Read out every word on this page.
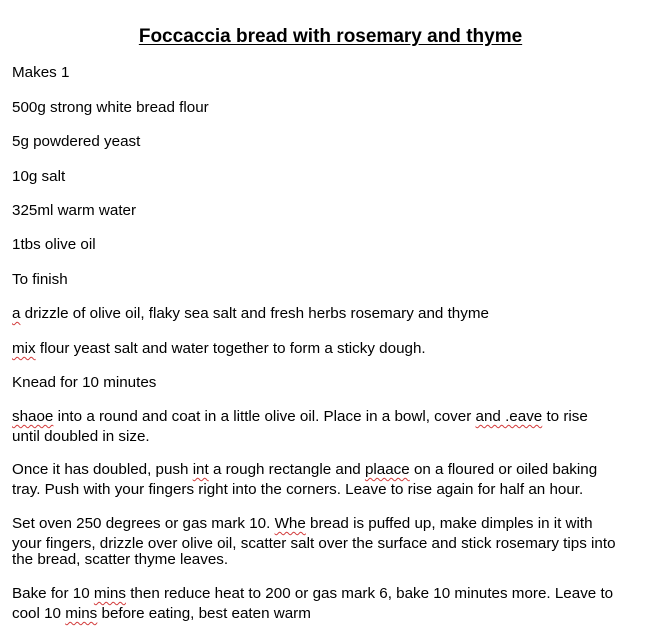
Foccaccia bread with rosemary and thyme
Makes 1
500g strong white bread flour
5g powdered yeast
10g salt
325ml warm water
1tbs olive oil
To finish
a drizzle of olive oil, flaky sea salt and fresh herbs rosemary and thyme
mix flour yeast salt and water together to form a sticky dough.
Knead for 10 minutes
shaoe into a round and coat in a little olive oil. Place in a bowl, cover and .eave to rise
until doubled in size.
Once it has doubled, push int a rough rectangle and plaace on a floured or oiled baking
tray. Push with your fingers right into the corners. Leave to rise again for half an hour.
Set oven 250 degrees or gas mark 10. Whe bread is puffed up, make dimples in it with
your fingers, drizzle over olive oil, scatter salt over the surface and stick rosemary tips into
the bread, scatter thyme leaves.
Bake for 10 mins then reduce heat to 200 or gas mark 6, bake 10 minutes more. Leave to
cool 10 mins before eating, best eaten warm
